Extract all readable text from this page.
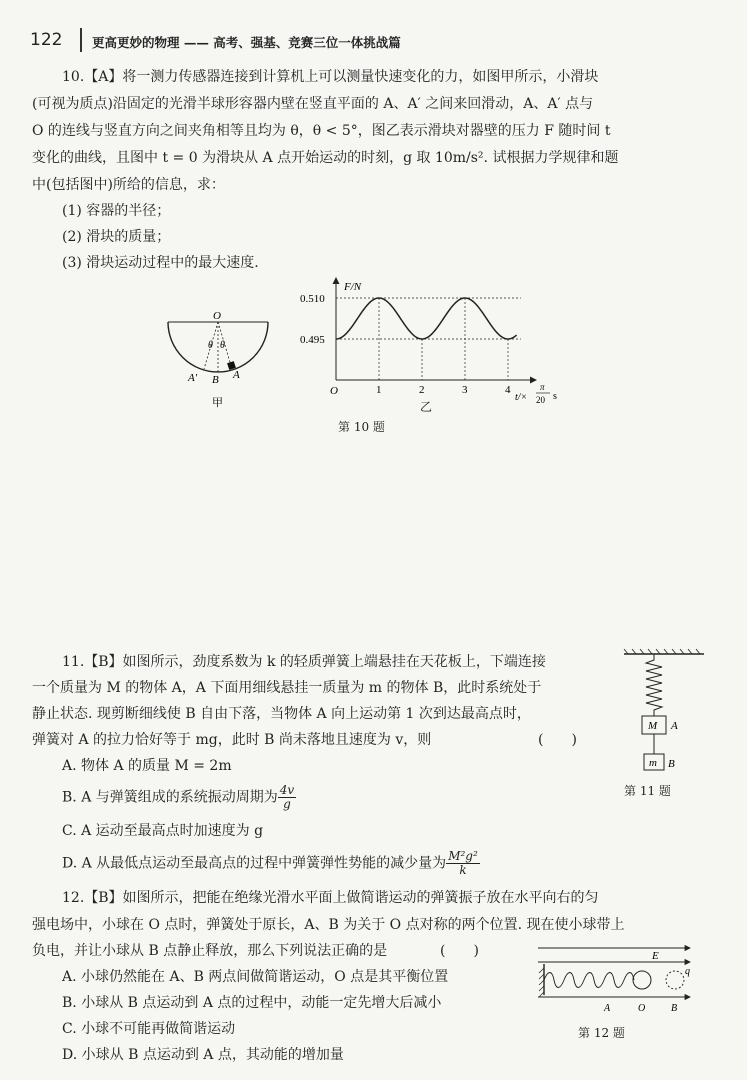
122 更高更妙的物理 —— 高考、强基、竞赛三位一体挑战篇
10.【A】将一测力传感器连接到计算机上可以测量快速变化的力，如图甲所示，小滑块
(可视为质点)沿固定的光滑半球形容器内壁在竖直平面的 A、A′ 之间来回滑动，A、A′ 点与
O 的连线与竖直方向之间夹角相等且均为 θ，θ < 5°，图乙表示滑块对器壁的压力 F 随时间 t
变化的曲线，且图中 t = 0 为滑块从 A 点开始运动的时刻，g 取 10m/s². 试根据力学规律和题
中(包括图中)所给的信息，求：
(1) 容器的半径；
(2) 滑块的质量；
(3) 滑块运动过程中的最大速度.
O
θ θ
A′ B A
甲
1	2	3	4
0.510
0.495
F/N
O
t/×
π
20 s
乙
第 10 题
11.【B】如图所示，劲度系数为 k 的轻质弹簧上端悬挂在天花板上，下端连接
一个质量为 M 的物体 A，A 下面用细线悬挂一质量为 m 的物体 B，此时系统处于
静止状态. 现剪断细线使 B 自由下落，当物体 A 向上运动第 1 次到达最高点时，
弹簧对 A 的拉力恰好等于 mg，此时 B 尚未落地且速度为 v，则	(　　)
A. 物体 A 的质量 M = 2m
B. A 与弹簧组成的系统振动周期为 $\frac{4v}{g}$
C. A 运动至最高点时加速度为 g
D. A 从最低点运动至最高点的过程中弹簧弹性势能的减少量为 $\frac{\text{M²g²}}{k}$
M A
m B
第 11 题
12.【B】如图所示，把能在绝缘光滑水平面上做简谐运动的弹簧振子放在水平向右的匀
强电场中，小球在 O 点时，弹簧处于原长，A、B 为关于 O 点对称的两个位置. 现在使小球带上
负电，并让小球从 B 点静止释放，那么下列说法正确的是	(　　)
A. 小球仍然能在 A、B 两点间做简谐运动，O 点是其平衡位置
B. 小球从 B 点运动到 A 点的过程中，动能一定先增大后减小
C. 小球不可能再做简谐运动
D. 小球从 B 点运动到 A 点，其动能的增加量
E
q
A	O	B
第 12 题
